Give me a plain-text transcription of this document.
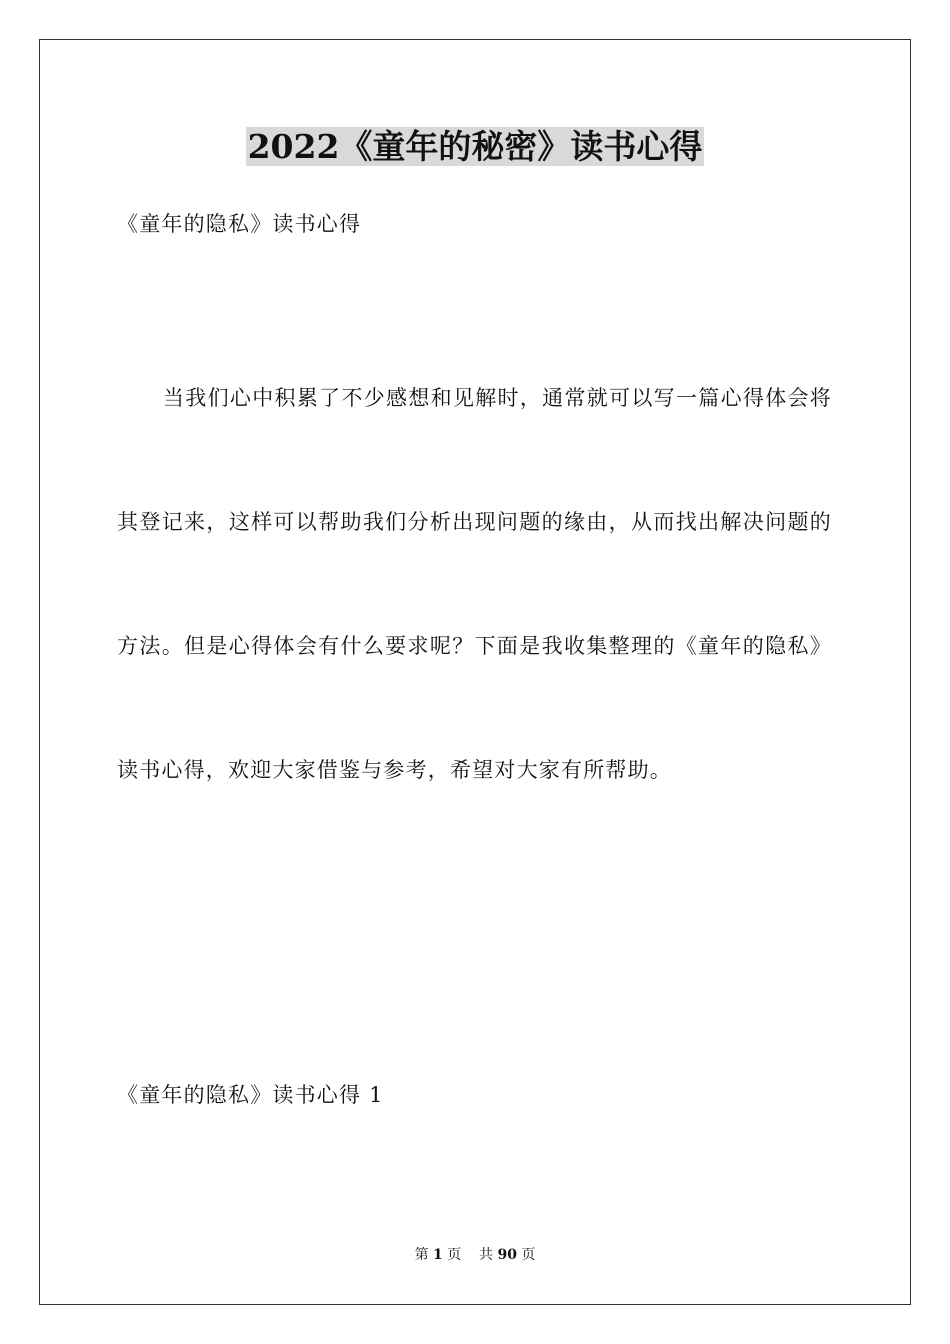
2022《童年的秘密》读书心得

《童年的隐私》读书心得

当我们心中积累了不少感想和见解时，通常就可以写一篇心得体会将其登记来，这样可以帮助我们分析出现问题的缘由，从而找出解决问题的方法。但是心得体会有什么要求呢？下面是我收集整理的《童年的隐私》读书心得，欢迎大家借鉴与参考，希望对大家有所帮助。

《童年的隐私》读书心得 1

第 1 页 共 90 页
